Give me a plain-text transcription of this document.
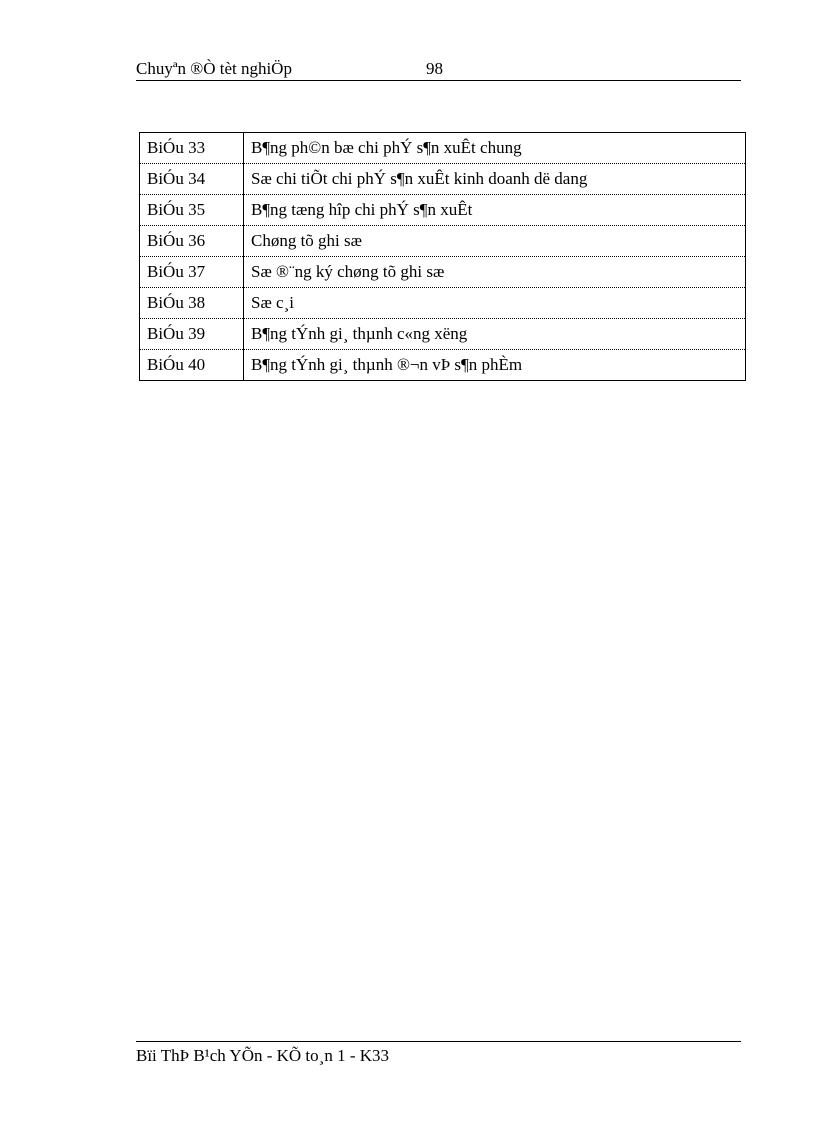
Chuyªn ®Ò tèt nghiÖp	98
BiÓu 33	B¶ng ph©n bæ chi phÝ s¶n xuÊt chung
BiÓu 34	Sæ chi tiÕt chi phÝ s¶n xuÊt kinh doanh dë dang
BiÓu 35	B¶ng tæng hîp chi phÝ s¶n xuÊt
BiÓu 36	Chøng tõ ghi sæ
BiÓu 37	Sæ ®¨ng ký chøng tõ ghi sæ
BiÓu 38	Sæ c¸i
BiÓu 39	B¶ng tÝnh gi¸ thµnh c«ng xëng
BiÓu 40	B¶ng tÝnh gi¸ thµnh ®¬n vÞ s¶n phÈm
Bïi ThÞ B¹ch YÕn - KÕ to¸n 1 - K33
